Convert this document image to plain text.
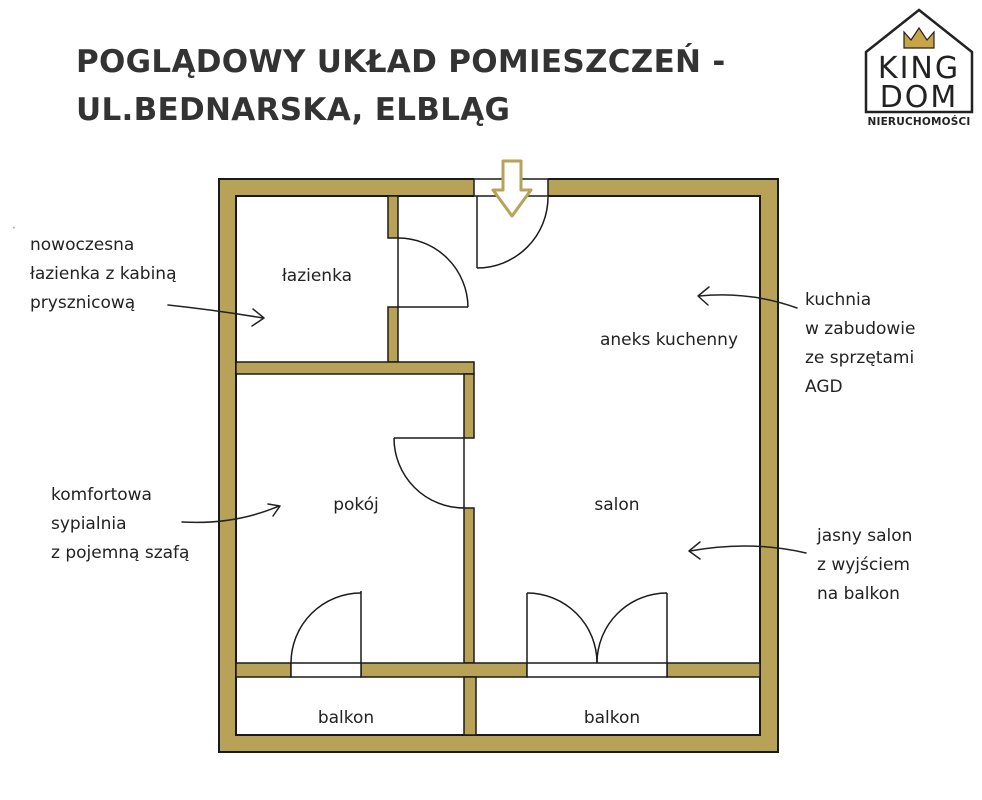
POGLĄDOWY UKŁAD POMIESZCZEŃ -
UL.BEDNARSKA, ELBLĄG
KING
DOM
NIERUCHOMOŚCI
łazienka
aneks kuchenny
pokój	salon
balkon	balkon
·

nowoczesna
łazienka z kabiną
prysznicową

komfortowa
sypialnia
z pojemną szafą

kuchnia
w zabudowie
ze sprzętami
AGD

jasny salon
z wyjściem
na balkon
